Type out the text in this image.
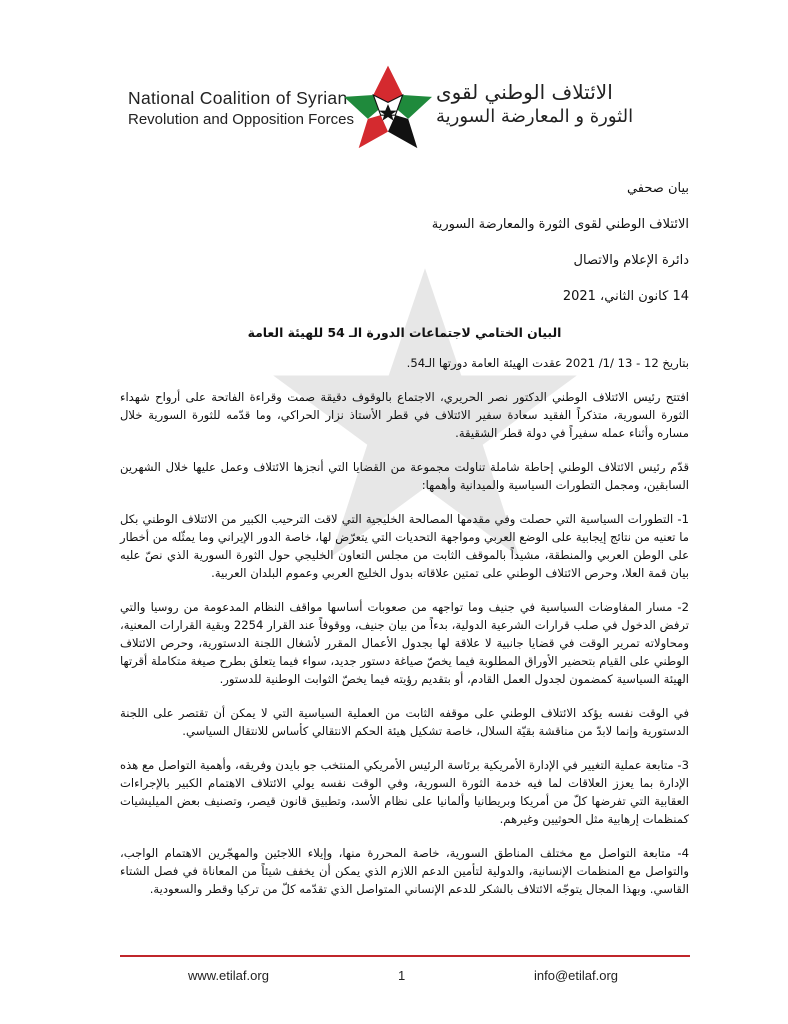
National Coalition of Syrian
Revolution and Opposition Forces
الائتلاف الوطني لقوى
الثورة و المعارضة السورية
بيان صحفي
الائتلاف الوطني لقوى الثورة والمعارضة السورية
دائرة الإعلام والاتصال
14 كانون الثاني، 2021
البيان الختامي لاجتماعات الدورة الـ 54 للهيئة العامة

بتاريخ 12 - 13 /1/ 2021 عقدت الهيئة العامة دورتها الـ54.

افتتح رئيس الائتلاف الوطني الدكتور نصر الحريري، الاجتماع بالوقوف دقيقة صمت وقراءة الفاتحة على أرواح شهداء الثورة السورية، متذكراً الفقيد سعادة سفير الائتلاف في قطر الأستاذ نزار الحراكي، وما قدّمه للثورة السورية خلال مساره وأثناء عمله سفيراً في دولة قطر الشقيقة.

قدّم رئيس الائتلاف الوطني إحاطة شاملة تناولت مجموعة من القضايا التي أنجزها الائتلاف وعمل عليها خلال الشهرين السابقين، ومجمل التطورات السياسية والميدانية وأهمها:

1- التطورات السياسية التي حصلت وفي مقدمها المصالحة الخليجية التي لاقت الترحيب الكبير من الائتلاف الوطني بكل ما تعنيه من نتائج إيجابية على الوضع العربي ومواجهة التحديات التي يتعرّض لها، خاصة الدور الإيراني وما يمثّله من أخطار على الوطن العربي والمنطقة، مشيداً بالموقف الثابت من مجلس التعاون الخليجي حول الثورة السورية الذي نصّ عليه بيان قمة العلا، وحرص الائتلاف الوطني على تمتين علاقاته بدول الخليج العربي وعموم البلدان العربية.

2- مسار المفاوضات السياسية في جنيف وما تواجهه من صعوبات أساسها مواقف النظام المدعومة من روسيا والتي ترفض الدخول في صلب قرارات الشرعية الدولية، بدءاً من بيان جنيف، ووقوفاً عند القرار 2254 وبقية القرارات المعنية، ومحاولاته تمرير الوقت في قضايا جانبية لا علاقة لها بجدول الأعمال المقرر لأشغال اللجنة الدستورية، وحرص الائتلاف الوطني على القيام بتحضير الأوراق المطلوبة فيما يخصّ صياغة دستور جديد، سواء فيما يتعلق بطرح صيغة متكاملة أقرتها الهيئة السياسية كمضمون لجدول العمل القادم، أو بتقديم رؤيته فيما يخصّ الثوابت الوطنية للدستور.

في الوقت نفسه يؤكد الائتلاف الوطني على موقفه الثابت من العملية السياسية التي لا يمكن أن تقتصر على اللجنة الدستورية وإنما لابدّ من مناقشة بقيّة السلال، خاصة تشكيل هيئة الحكم الانتقالي كأساس للانتقال السياسي.

3- متابعة عملية التغيير في الإدارة الأمريكية برئاسة الرئيس الأمريكي المنتخب جو بايدن وفريقه، وأهمية التواصل مع هذه الإدارة بما يعزز العلاقات لما فيه خدمة الثورة السورية، وفي الوقت نفسه يولي الائتلاف الاهتمام الكبير بالإجراءات العقابية التي تفرضها كلّ من أمريكا وبريطانيا وألمانيا على نظام الأسد، وتطبيق قانون قيصر، وتصنيف بعض الميليشيات كمنظمات إرهابية مثل الحوثيين وغيرهم.

4- متابعة التواصل مع مختلف المناطق السورية، خاصة المحررة منها، وإيلاء اللاجئين والمهجّرين الاهتمام الواجب، والتواصل مع المنظمات الإنسانية، والدولية لتأمين الدعم اللازم الذي يمكن أن يخفف شيئاً من المعاناة في فصل الشتاء القاسي. وبهذا المجال يتوجّه الائتلاف بالشكر للدعم الإنساني المتواصل الذي تقدّمه كلّ من تركيا وقطر والسعودية.

www.etilaf.org	1	info@etilaf.org
